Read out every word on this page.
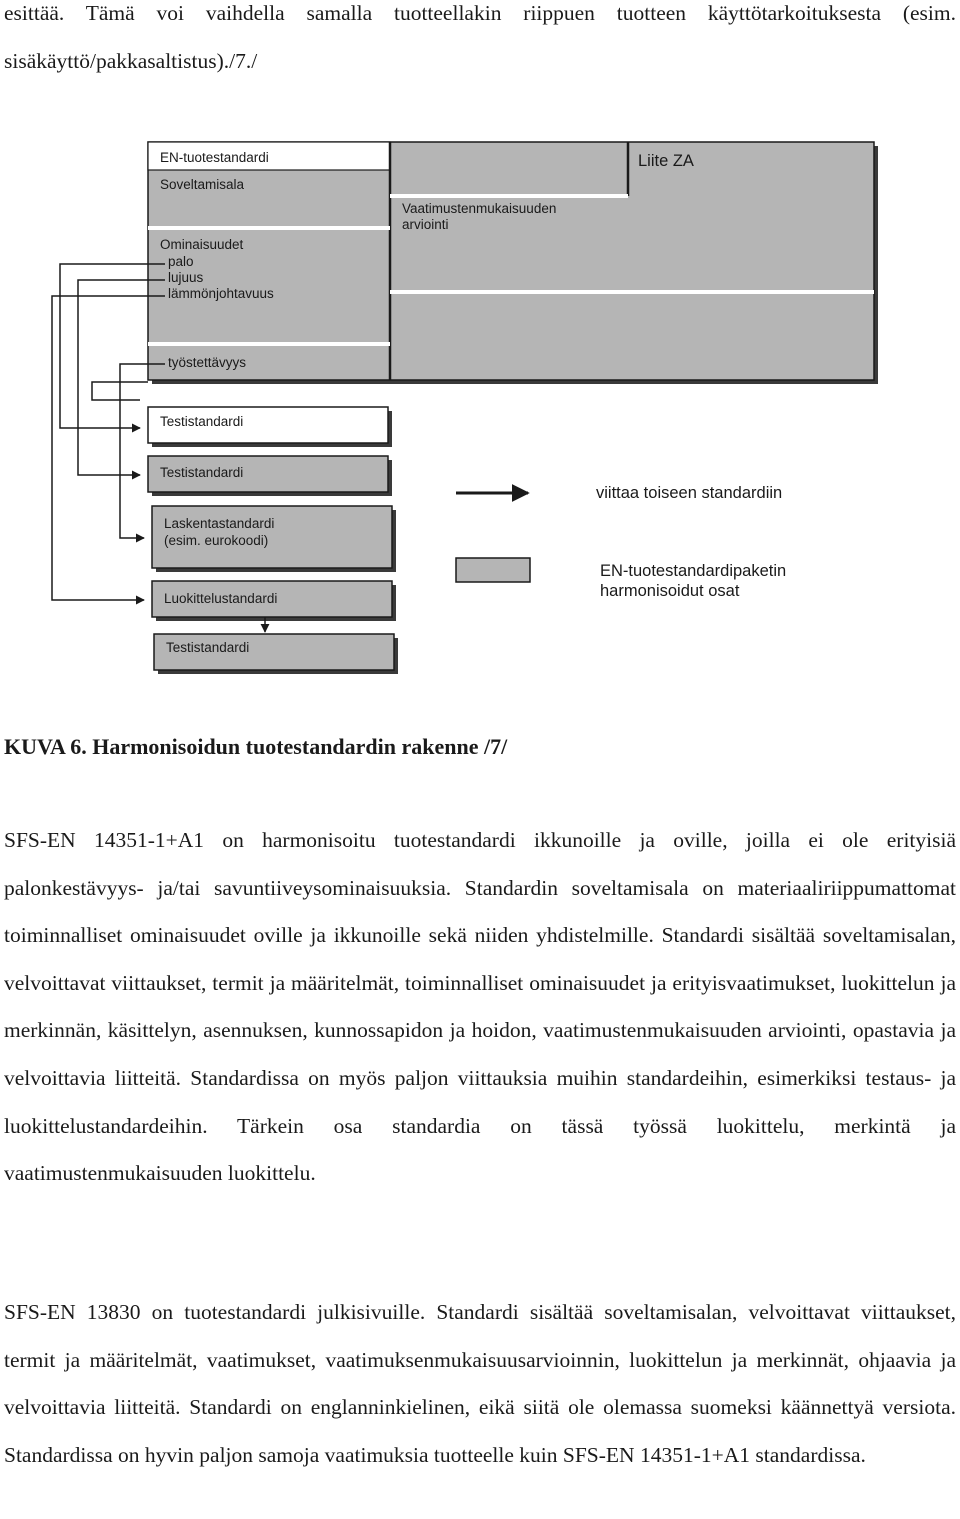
esittää. Tämä voi vaihdella samalla tuotteellakin riippuen tuotteen käyttötarkoituksesta (esim. sisäkäyttö/pakkasaltistus)./7./

EN-tuotestandardi
Soveltamisala
Ominaisuudet
palo
lujuus
lämmönjohtavuus
työstettävyys
Vaatimustenmukaisuuden
arviointi
Liite ZA
Testistandardi
Testistandardi
Laskentastandardi
(esim. eurokoodi)
Luokittelustandardi
Testistandardi
viittaa toiseen standardiin
EN-tuotestandardipaketin
harmonisoidut osat

KUVA 6. Harmonisoidun tuotestandardin rakenne /7/

SFS-EN 14351-1+A1 on harmonisoitu tuotestandardi ikkunoille ja oville, joilla ei ole erityisiä palonkestävyys- ja/tai savuntiiveysominaisuuksia. Standardin soveltamisala on materiaaliriippumattomat toiminnalliset ominaisuudet oville ja ikkunoille sekä niiden yhdistelmille. Standardi sisältää soveltamisalan, velvoittavat viittaukset, termit ja määritelmät, toiminnalliset ominaisuudet ja erityisvaatimukset, luokittelun ja merkinnän, käsittelyn, asennuksen, kunnossapidon ja hoidon, vaatimustenmukaisuuden arviointi, opastavia ja velvoittavia liitteitä. Standardissa on myös paljon viittauksia muihin standardeihin, esimerkiksi testaus- ja luokittelustandardeihin. Tärkein osa standardia on tässä työssä luokittelu, merkintä ja vaatimustenmukaisuuden luokittelu.

SFS-EN 13830 on tuotestandardi julkisivuille. Standardi sisältää soveltamisalan, velvoittavat viittaukset, termit ja määritelmät, vaatimukset, vaatimuksenmukaisuusarvioinnin, luokittelun ja merkinnät, ohjaavia ja velvoittavia liitteitä. Standardi on englanninkielinen, eikä siitä ole olemassa suomeksi käännettyä versiota. Standardissa on hyvin paljon samoja vaatimuksia tuotteelle kuin SFS-EN 14351-1+A1 standardissa.
